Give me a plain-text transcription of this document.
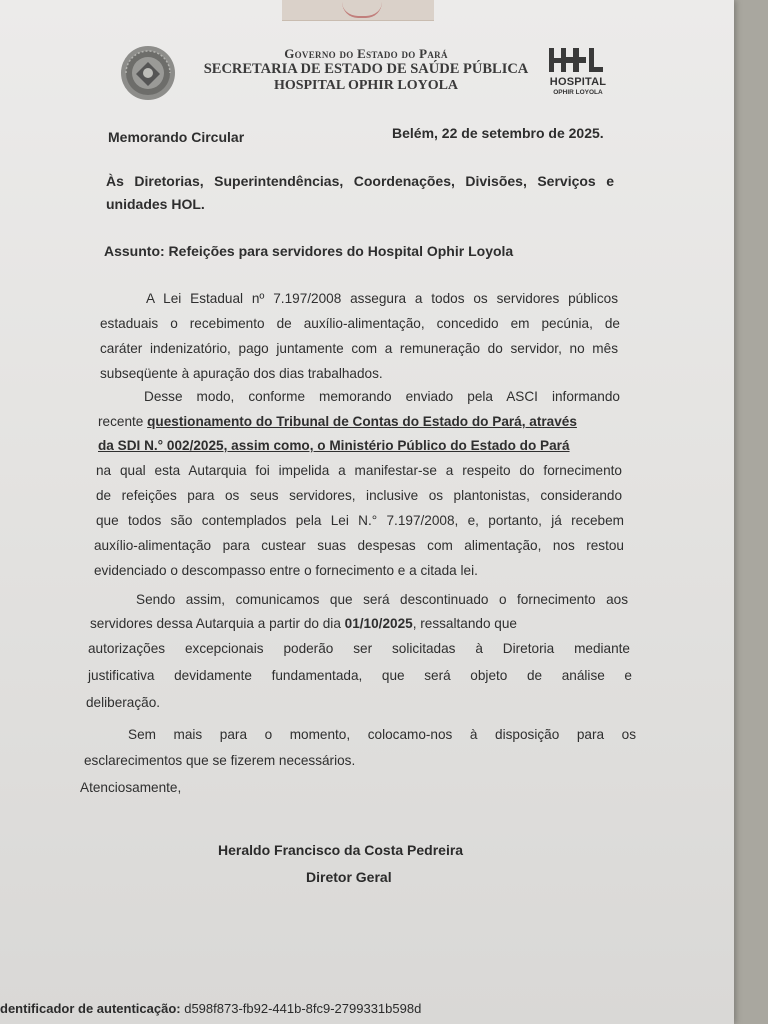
Governo do Estado do Pará
SECRETARIA DE ESTADO DE SAÚDE PÚBLICA
HOSPITAL OPHIR LOYOLA	HOSPITAL
OPHIR LOYOLA
Memorando Circular	Belém, 22 de setembro de 2025.
Às Diretorias, Superintendências, Coordenações, Divisões, Serviços e
unidades HOL.
Assunto: Refeições para servidores do Hospital Ophir Loyola
A Lei Estadual nº 7.197/2008 assegura a todos os servidores públicos
estaduais o recebimento de auxílio-alimentação, concedido em pecúnia, de
caráter indenizatório, pago juntamente com a remuneração do servidor, no mês
subseqüente à apuração dos dias trabalhados.
Desse modo, conforme memorando enviado pela ASCI informando
recente questionamento do Tribunal de Contas do Estado do Pará, através
da SDI N.° 002/2025, assim como, o Ministério Público do Estado do Pará
na qual esta Autarquia foi impelida a manifestar-se a respeito do fornecimento
de refeições para os seus servidores, inclusive os plantonistas, considerando
que todos são contemplados pela Lei N.° 7.197/2008, e, portanto, já recebem
auxílio-alimentação para custear suas despesas com alimentação, nos restou
evidenciado o descompasso entre o fornecimento e a citada lei.
Sendo assim, comunicamos que será descontinuado o fornecimento aos
servidores dessa Autarquia a partir do dia 01/10/2025, ressaltando que
autorizações excepcionais poderão ser solicitadas à Diretoria mediante
justificativa devidamente fundamentada, que será objeto de análise e
deliberação.
Sem mais para o momento, colocamo-nos à disposição para os
esclarecimentos que se fizerem necessários.
Atenciosamente,
Heraldo Francisco da Costa Pedreira
Diretor Geral
dentificador de autenticação: d598f873-fb92-441b-8fc9-2799331b598d
